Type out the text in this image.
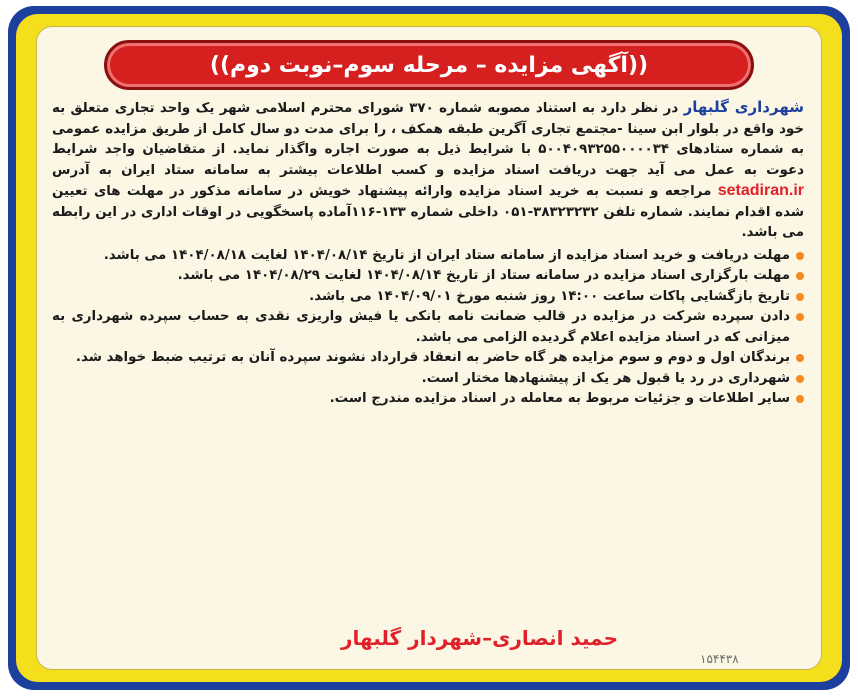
((آگهی مزایده – مرحله سوم–نوبت دوم))

شهرداری گلبهار در نظر دارد به استناد مصوبه شماره ۳۷۰ شورای محترم اسلامی شهر یک واحد تجاری متعلق به خود واقع در بلوار ابن سینا -مجتمع تجاری آگرین طبقه همکف ، را برای مدت دو سال کامل از طریق مزایده عمومی به شماره ستادهای ۵۰۰۴۰۹۳۲۵۵۰۰۰۰۳۴ با شرایط ذیل به صورت اجاره واگذار نماید. از متقاضیان واجد شرایط دعوت به عمل می آید جهت دریافت اسناد مزایده و کسب اطلاعات بیشتر به سامانه ستاد ایران به آدرس setadiran.ir مراجعه و نسبت به خرید اسناد مزایده وارائه پیشنهاد خویش در سامانه مذکور در مهلت های تعیین شده اقدام نمایند. شماره تلفن ۳۸۳۲۳۲۳۲-۰۵۱ داخلی شماره ۱۳۳-۱۱۶آماده پاسخگویی در اوقات اداری در این رابطه می باشد.

مهلت دریافت و خرید اسناد مزایده از سامانه ستاد ایران از تاریخ ۱۴۰۴/۰۸/۱۴ لغایت ۱۴۰۴/۰۸/۱۸ می باشد.
مهلت بارگزاری اسناد مزایده در سامانه ستاد از تاریخ ۱۴۰۴/۰۸/۱۴ لغایت ۱۴۰۴/۰۸/۲۹ می باشد.
تاریخ بازگشایی پاکات ساعت ۱۴:۰۰ روز شنبه مورخ ۱۴۰۴/۰۹/۰۱ می باشد.
دادن سپرده شرکت در مزایده در قالب ضمانت نامه بانکی یا فیش واریزی نقدی به حساب سپرده شهرداری به میزانی که در اسناد مزایده اعلام گردیده الزامی می باشد.
برندگان اول و دوم و سوم مزایده هر گاه حاضر به انعقاد قرارداد نشوند سپرده آنان به ترتیب ضبط خواهد شد.
شهرداری در رد یا قبول هر یک از پیشنهادها مختار است.
سایر اطلاعات و جزئیات مربوط به معامله در اسناد مزایده مندرج است.
حمید انصاری–شهردار گلبهار
۱۵۴۴۳۸
